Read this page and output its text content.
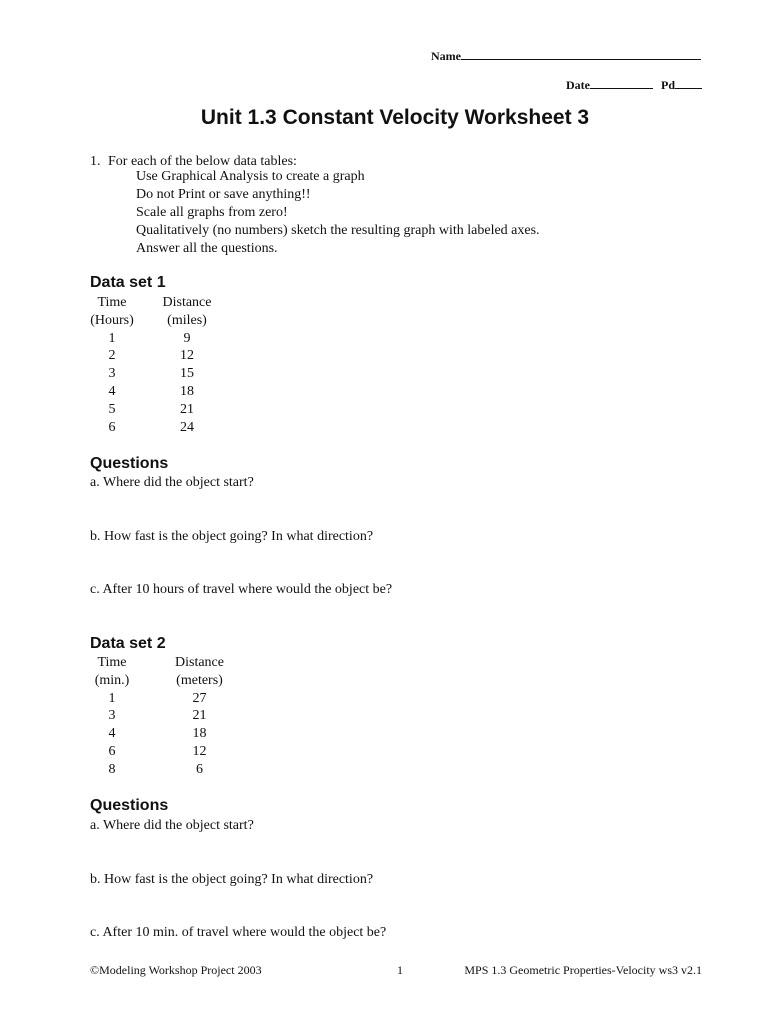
Name
Date	Pd
Unit 1.3 Constant Velocity Worksheet 3
1. For each of the below data tables:
Use Graphical Analysis to create a graph
Do not Print or save anything!!
Scale all graphs from zero!
Qualitatively (no numbers) sketch the resulting graph with labeled axes.
Answer all the questions.
Data set 1
Time	Distance
(Hours)	(miles)
1	9
2	12
3	15
4	18
5	21
6	24
Questions
a. Where did the object start?
b. How fast is the object going? In what direction?
c. After 10 hours of travel where would the object be?
Data set 2
Time	Distance
(min.)	(meters)
1	27
3	21
4	18
6	12
8	6
Questions
a. Where did the object start?
b. How fast is the object going? In what direction?
c. After 10 min. of travel where would the object be?
©Modeling Workshop Project 2003	1	MPS 1.3 Geometric Properties-Velocity ws3 v2.1
